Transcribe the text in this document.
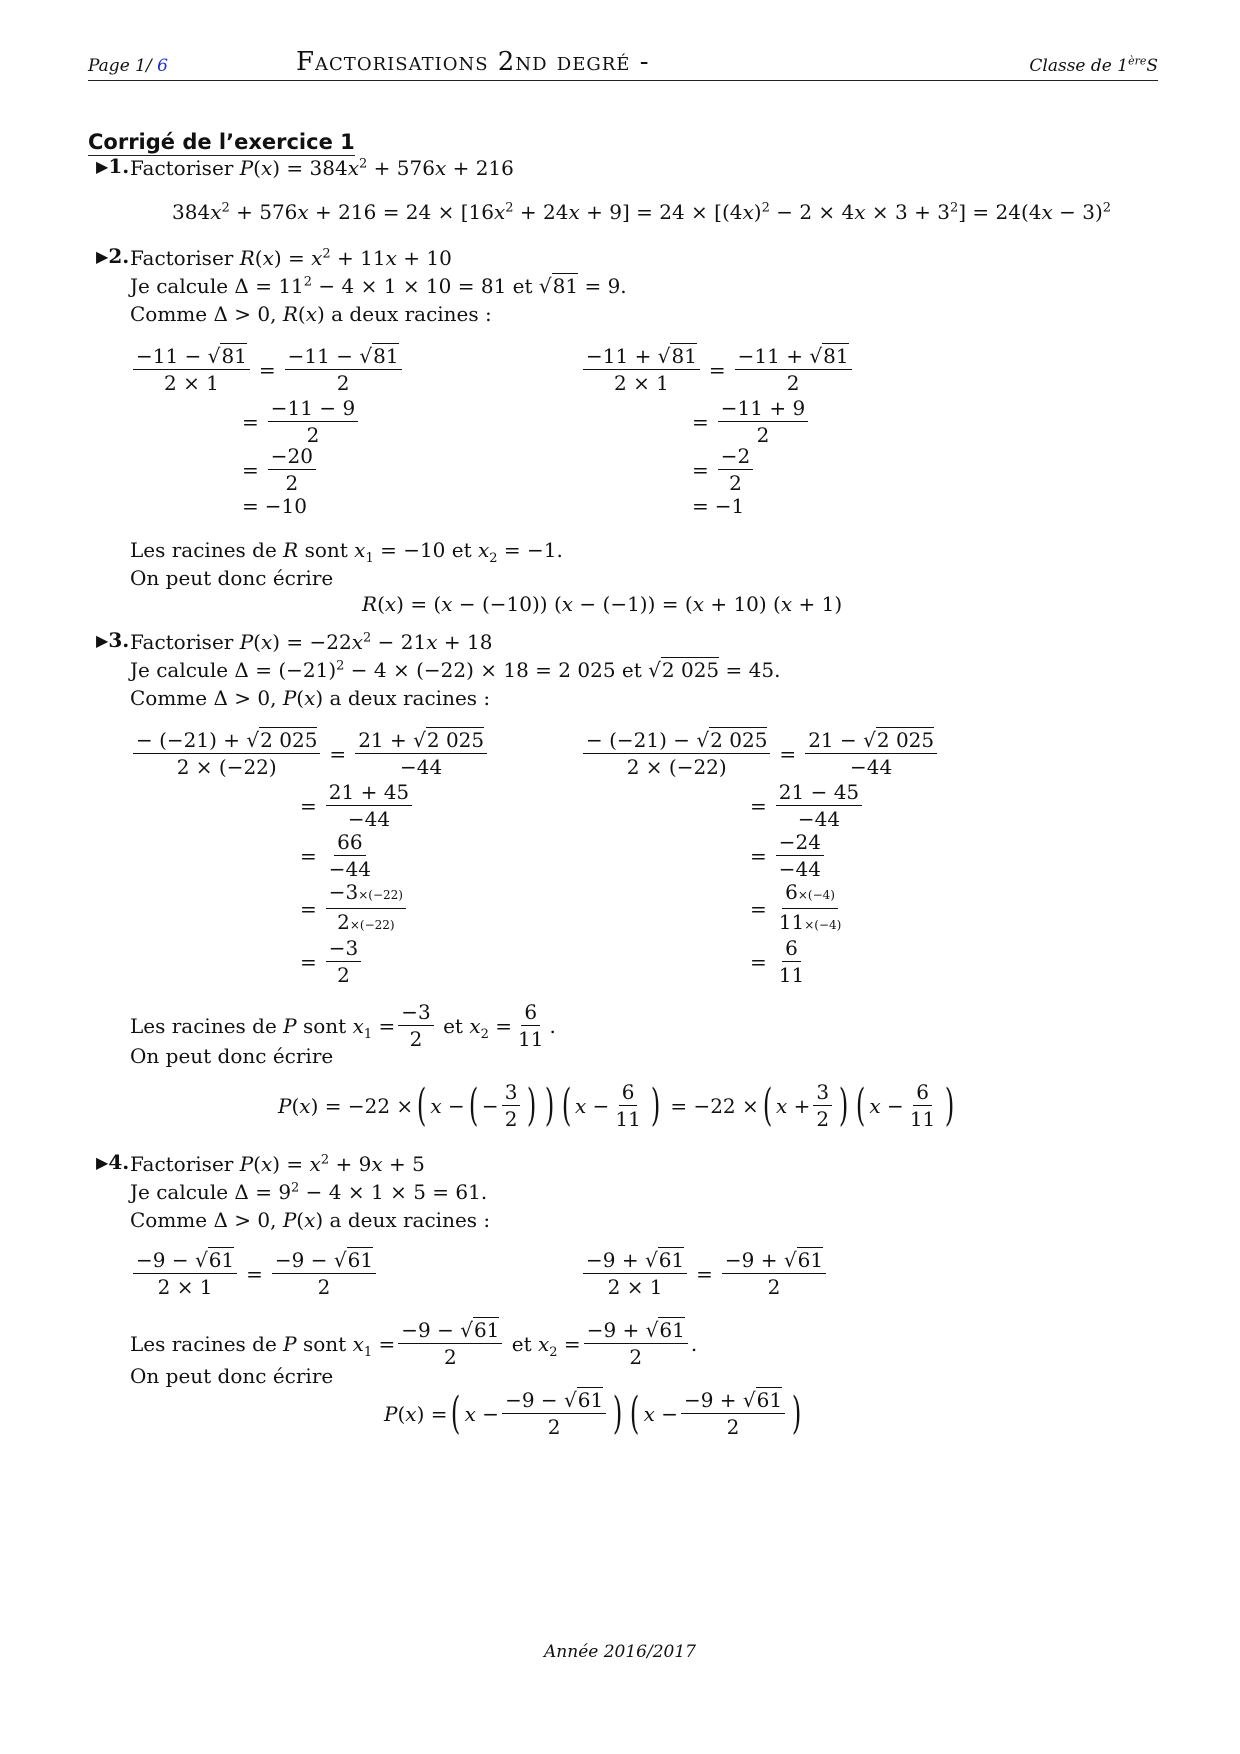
Page 1/ 6	Factorisations 2nd degré -	Classe de 1èreS
Corrigé de l’exercice 1
▶1. Factoriser $P(x) = 384x^2 + 576x + 216$
$384x^2 + 576x + 216 = 24 \times [16x^2 + 24x + 9] = 24 \times [(4x)^2 - 2 \times 4x \times 3 + 3^2] = 24(4x - 3)^2$
▶2. Factoriser $R(x) = x^2 + 11x + 10$
Je calcule $\Delta = 11^2 - 4 \times 1 \times 10 = 81$ et √81 = 9.
Comme Δ > 0, R(x) a deux racines :
$\frac{-11 - √81}{2 \times 1} = \frac{-11 - √81}{2}$
= $\frac{-11 - 9}{2}$
= $\frac{-20}{2}$
= −10
$\frac{-11 + √81}{2 \times 1} = \frac{-11 + √81}{2}$
= $\frac{-11 + 9}{2}$
= $\frac{-2}{2}$
= −1
Les racines de R sont $x_1 = -10$ et $x_2 = -1$.
On peut donc écrire
R(x) = (x − (−10)) (x − (−1)) = (x + 10) (x + 1)
▶3. Factoriser $P(x) = -22x^2 - 21x + 18$
Je calcule $\Delta = (-21)^2 - 4 \times (-22) \times 18 = 2$ 025 et √2 025 = 45.
Comme Δ > 0, P(x) a deux racines :
$\frac{- (-21) + √2 025}{2 \times (-22)} = \frac{21 + √2 025}{-44}$
= $\frac{21 + 45}{-44}$
= $\frac{66}{-44}$
= $\frac{-3\times(-22)}{2\times(-22)}$
= $\frac{-3}{2}$
$\frac{- (-21) - √2 025}{2 \times (-22)} = \frac{21 - √2 025}{-44}$
= $\frac{21 - 45}{-44}$
= $\frac{-24}{-44}$
= $\frac{6\times(-4)}{11\times(-4)}$
= $\frac{6}{11}$
Les racines de P sont $x_1 = \frac{-3}{2}$ et $x_2 = \frac{6}{11}$ .
On peut donc écrire
P(x) = −22 × ( x − ( − $\frac{3}{2}$ ) ) ( $x - \frac{6}{11}$ ) = −22 × ( $x + \frac{3}{2}$ ) ( $x - \frac{6}{11}$ )
▶4. Factoriser $P(x) = x^2 + 9x + 5$
Je calcule $\Delta = 9^2 - 4 \times 1 \times 5 = 61$.
Comme Δ > 0, P(x) a deux racines :
$\frac{-9 - √61}{2 \times 1} = \frac{-9 - √61}{2}$	$\frac{-9 + √61}{2 \times 1} = \frac{-9 + √61}{2}$
Les racines de P sont $x_1 = \frac{-9 - √61}{2}$ et $x_2 = \frac{-9 + √61}{2}$ .
On peut donc écrire
P(x) = ( $x - \frac{-9 - √61}{2}$ ) ( $x - \frac{-9 + √61}{2}$ )
Année 2016/2017
